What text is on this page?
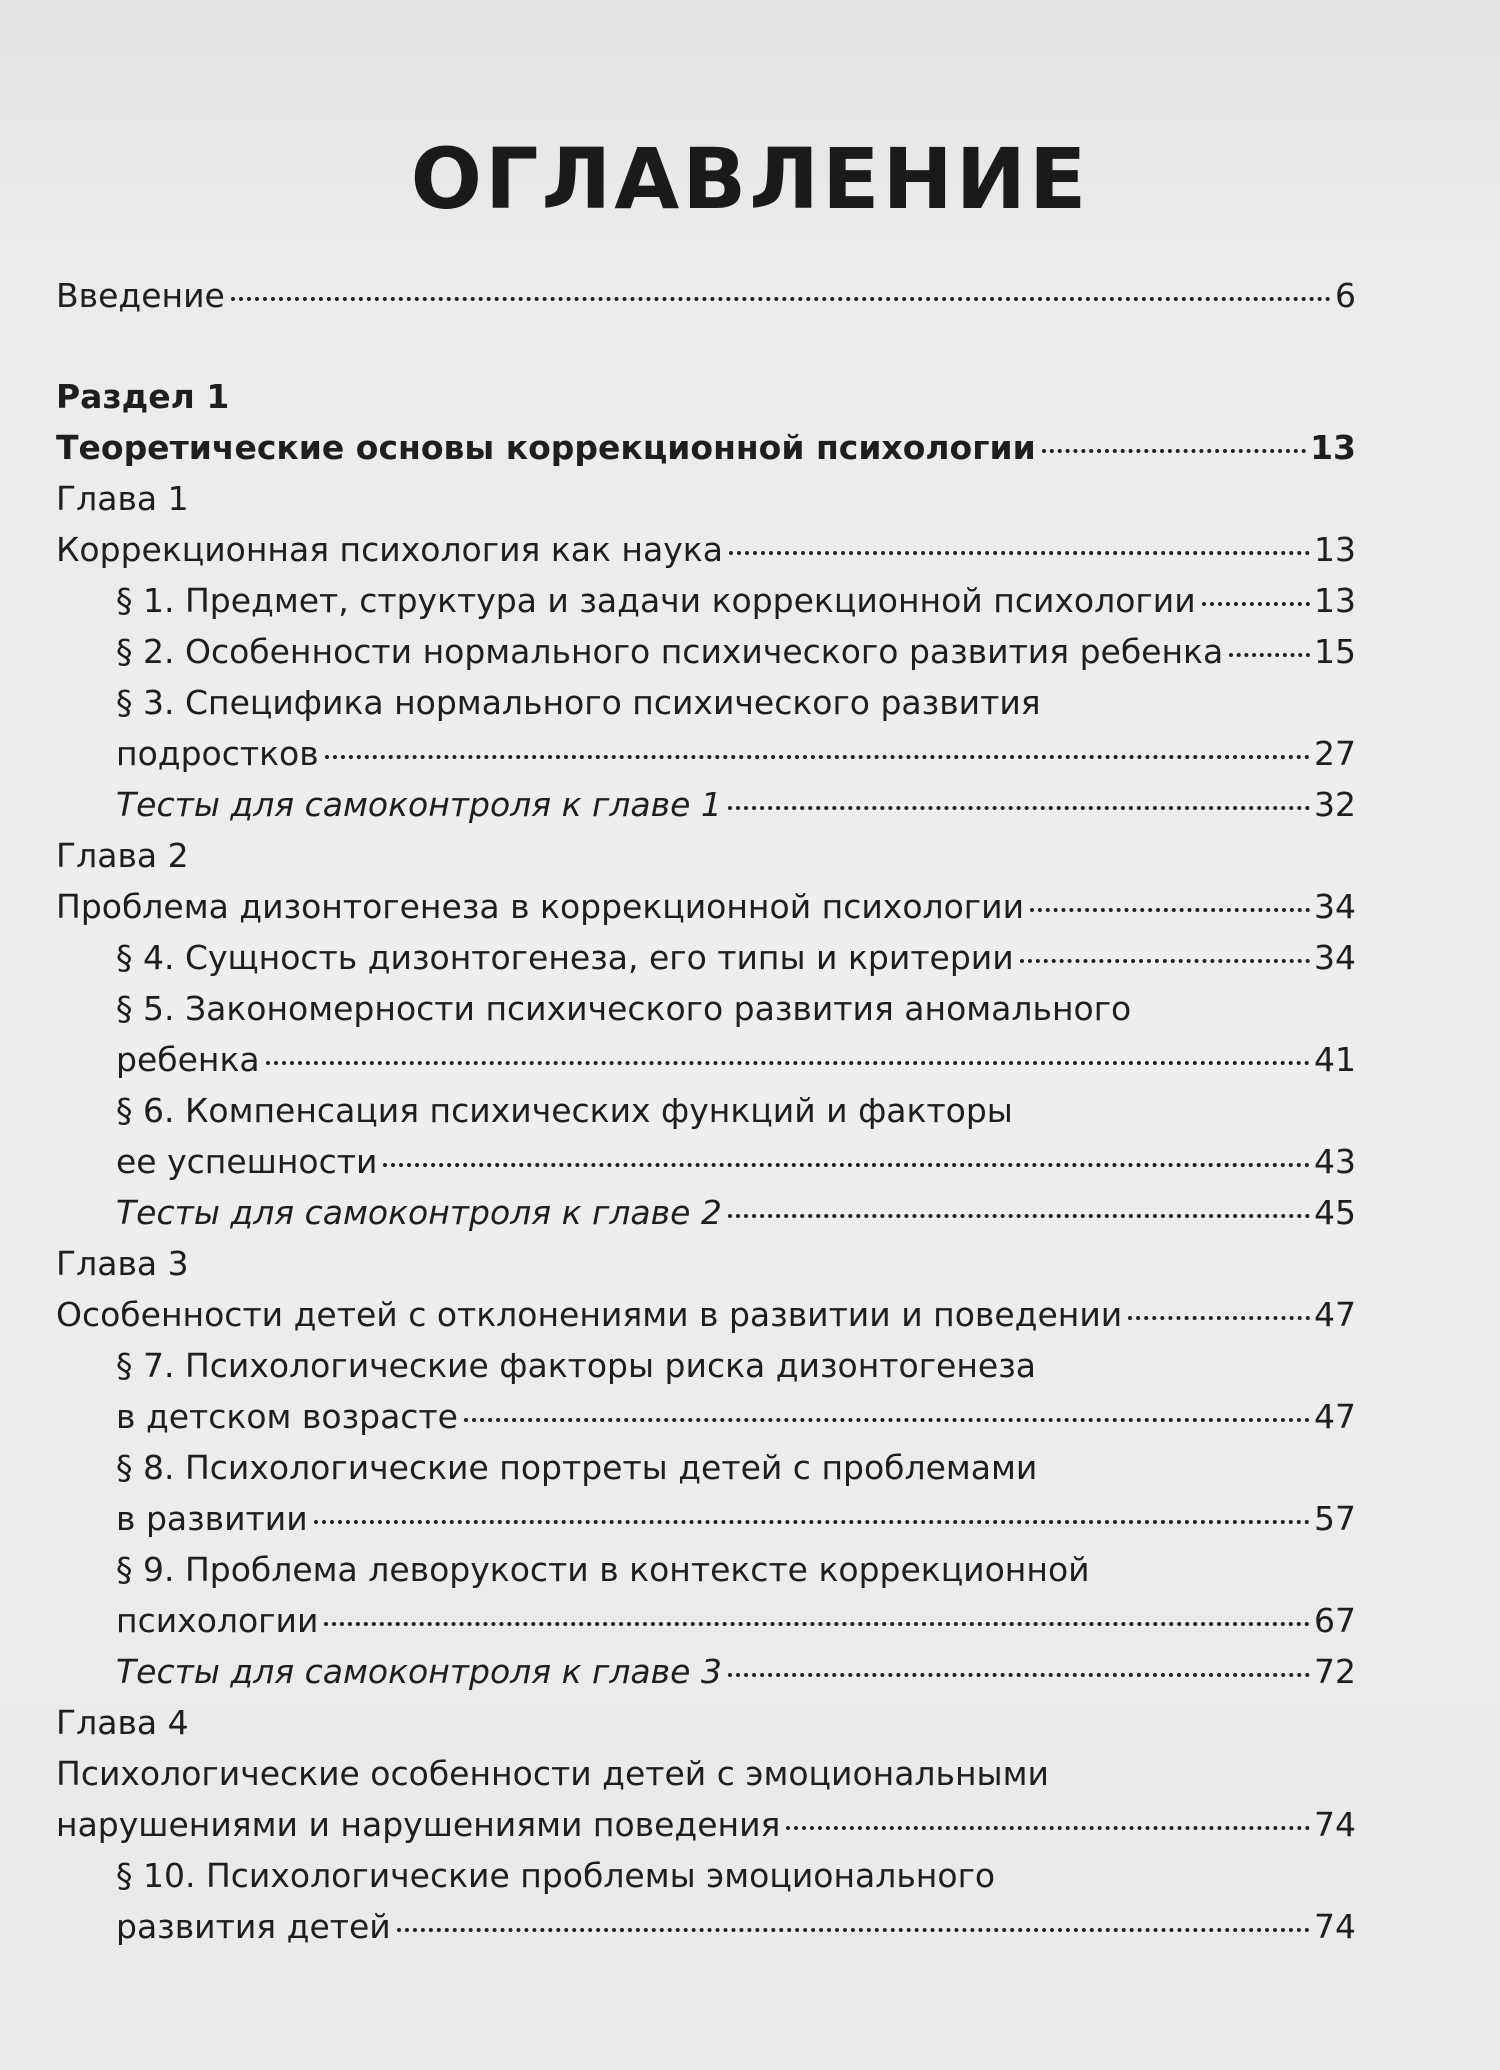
ОГЛАВЛЕНИЕ
Введение	6
Раздел 1
Теоретические основы коррекционной психологии	13
Глава 1
Коррекционная психология как наука	13
§ 1. Предмет, структура и задачи коррекционной психологии	13
§ 2. Особенности нормального психического развития ребенка	15
§ 3. Специфика нормального психического развития
подростков	27
Тесты для самоконтроля к главе 1	32
Глава 2
Проблема дизонтогенеза в коррекционной психологии	34
§ 4. Сущность дизонтогенеза, его типы и критерии	34
§ 5. Закономерности психического развития аномального
ребенка	41
§ 6. Компенсация психических функций и факторы
ее успешности	43
Тесты для самоконтроля к главе 2	45
Глава 3
Особенности детей с отклонениями в развитии и поведении	47
§ 7. Психологические факторы риска дизонтогенеза
в детском возрасте	47
§ 8. Психологические портреты детей с проблемами
в развитии	57
§ 9. Проблема леворукости в контексте коррекционной
психологии	67
Тесты для самоконтроля к главе 3	72
Глава 4
Психологические особенности детей с эмоциональными
нарушениями и нарушениями поведения	74
§ 10. Психологические проблемы эмоционального
развития детей	74
